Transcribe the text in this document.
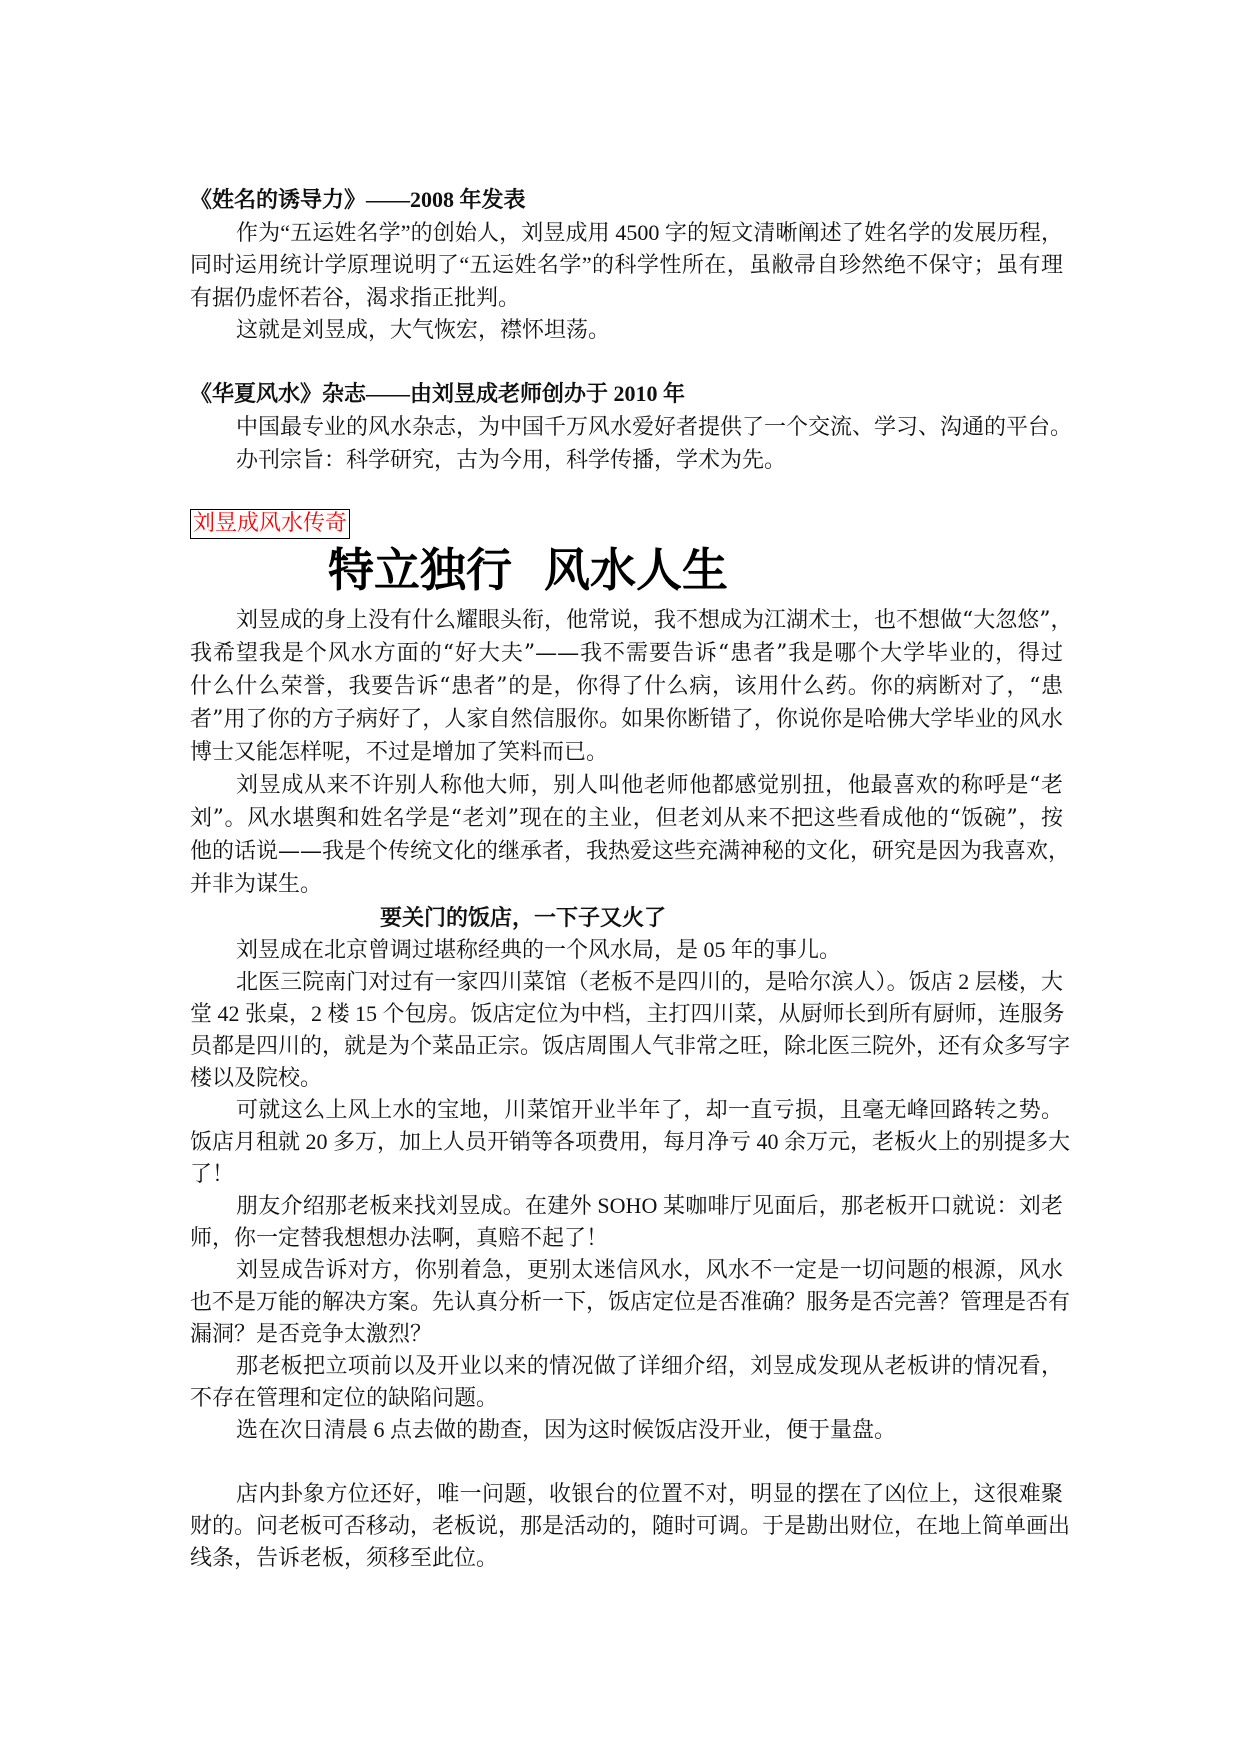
《姓名的诱导力》——2008 年发表
作为“五运姓名学”的创始人，刘昱成用 4500 字的短文清晰阐述了姓名学的发展历程，
同时运用统计学原理说明了“五运姓名学”的科学性所在，虽敝帚自珍然绝不保守；虽有理
有据仍虚怀若谷，渴求指正批判。
这就是刘昱成，大气恢宏，襟怀坦荡。
《华夏风水》杂志——由刘昱成老师创办于 2010 年
中国最专业的风水杂志，为中国千万风水爱好者提供了一个交流、学习、沟通的平台。
办刊宗旨：科学研究，古为今用，科学传播，学术为先。
刘昱成风水传奇
特立独行  风水人生
刘昱成的身上没有什么耀眼头衔，他常说，我不想成为江湖术士，也不想做“大忽悠”，
我希望我是个风水方面的“好大夫”——我不需要告诉“患者”我是哪个大学毕业的，得过
什么什么荣誉，我要告诉“患者”的是，你得了什么病，该用什么药。你的病断对了，“患
者”用了你的方子病好了，人家自然信服你。如果你断错了，你说你是哈佛大学毕业的风水
博士又能怎样呢，不过是增加了笑料而已。
刘昱成从来不许别人称他大师，别人叫他老师他都感觉别扭，他最喜欢的称呼是“老
刘”。风水堪舆和姓名学是“老刘”现在的主业，但老刘从来不把这些看成他的“饭碗”，按
他的话说——我是个传统文化的继承者，我热爱这些充满神秘的文化，研究是因为我喜欢，
并非为谋生。
要关门的饭店，一下子又火了
刘昱成在北京曾调过堪称经典的一个风水局，是 05 年的事儿。
北医三院南门对过有一家四川菜馆（老板不是四川的，是哈尔滨人）。饭店 2 层楼，大
堂 42 张桌，2 楼 15 个包房。饭店定位为中档，主打四川菜，从厨师长到所有厨师，连服务
员都是四川的，就是为个菜品正宗。饭店周围人气非常之旺，除北医三院外，还有众多写字
楼以及院校。
可就这么上风上水的宝地，川菜馆开业半年了，却一直亏损，且毫无峰回路转之势。
饭店月租就 20 多万，加上人员开销等各项费用，每月净亏 40 余万元，老板火上的别提多大
了！
朋友介绍那老板来找刘昱成。在建外 SOHO 某咖啡厅见面后，那老板开口就说：刘老
师，你一定替我想想办法啊，真赔不起了！
刘昱成告诉对方，你别着急，更别太迷信风水，风水不一定是一切问题的根源，风水
也不是万能的解决方案。先认真分析一下，饭店定位是否准确？服务是否完善？管理是否有
漏洞？是否竞争太激烈？
那老板把立项前以及开业以来的情况做了详细介绍，刘昱成发现从老板讲的情况看，
不存在管理和定位的缺陷问题。
选在次日清晨 6 点去做的勘查，因为这时候饭店没开业，便于量盘。
店内卦象方位还好，唯一问题，收银台的位置不对，明显的摆在了凶位上，这很难聚
财的。问老板可否移动，老板说，那是活动的，随时可调。于是勘出财位，在地上简单画出
线条，告诉老板，须移至此位。
